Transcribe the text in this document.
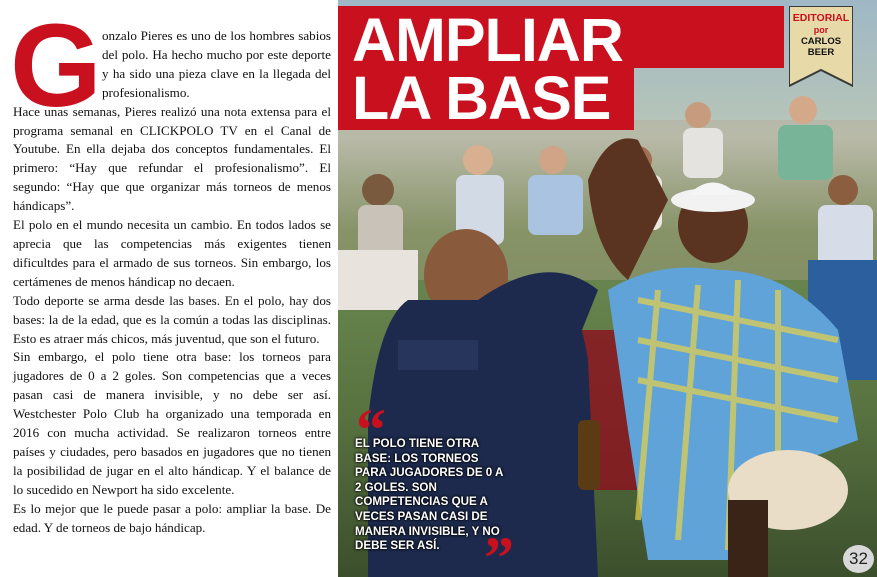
G onzalo Pieres es uno de los hombres sabios del polo. Ha hecho mucho por este deporte y ha sido una pieza clave en la llegada del profesionalismo.

Hace unas semanas, Pieres realizó una nota extensa para el programa semanal en CLICKPOLO TV en el Canal de Youtube. En ella dejaba dos conceptos fundamentales. El primero: “Hay que refundar el profesionalismo”. El segundo: “Hay que que organizar más torneos de menos hándicaps”.

El polo en el mundo necesita un cambio. En todos lados se aprecia que las competencias más exigentes tienen dificultdes para el armado de sus torneos. Sin embargo, los certámenes de menos hándicap no decaen.

Todo deporte se arma desde las bases. En el polo, hay dos bases: la de la edad, que es la común a todas las disciplinas. Esto es atraer más chicos, más juventud, que son el futuro.

Sin embargo, el polo tiene otra base: los torneos para jugadores de 0 a 2 goles. Son competencias que a veces pasan casi de manera invisible, y no debe ser así. Westchester Polo Club ha organizado una temporada en 2016 con mucha actividad. Se realizaron torneos entre países y ciudades, pero basados en jugadores que no tienen la posibilidad de jugar en el alto hándicap. Y el balance de lo sucedido en Newport ha sido excelente.

Es lo mejor que le puede pasar a polo: ampliar la base. De edad. Y de torneos de bajo hándicap.

AMPLIAR
LA BASE
EDITORIAL
por
CARLOS
BEER
“
EL POLO TIENE OTRA BASE: LOS TORNEOS PARA JUGADORES DE 0 A 2 GOLES. SON COMPETENCIAS QUE A VECES PASAN CASI DE MANERA INVISIBLE, Y NO DEBE SER ASÍ. ”	32
